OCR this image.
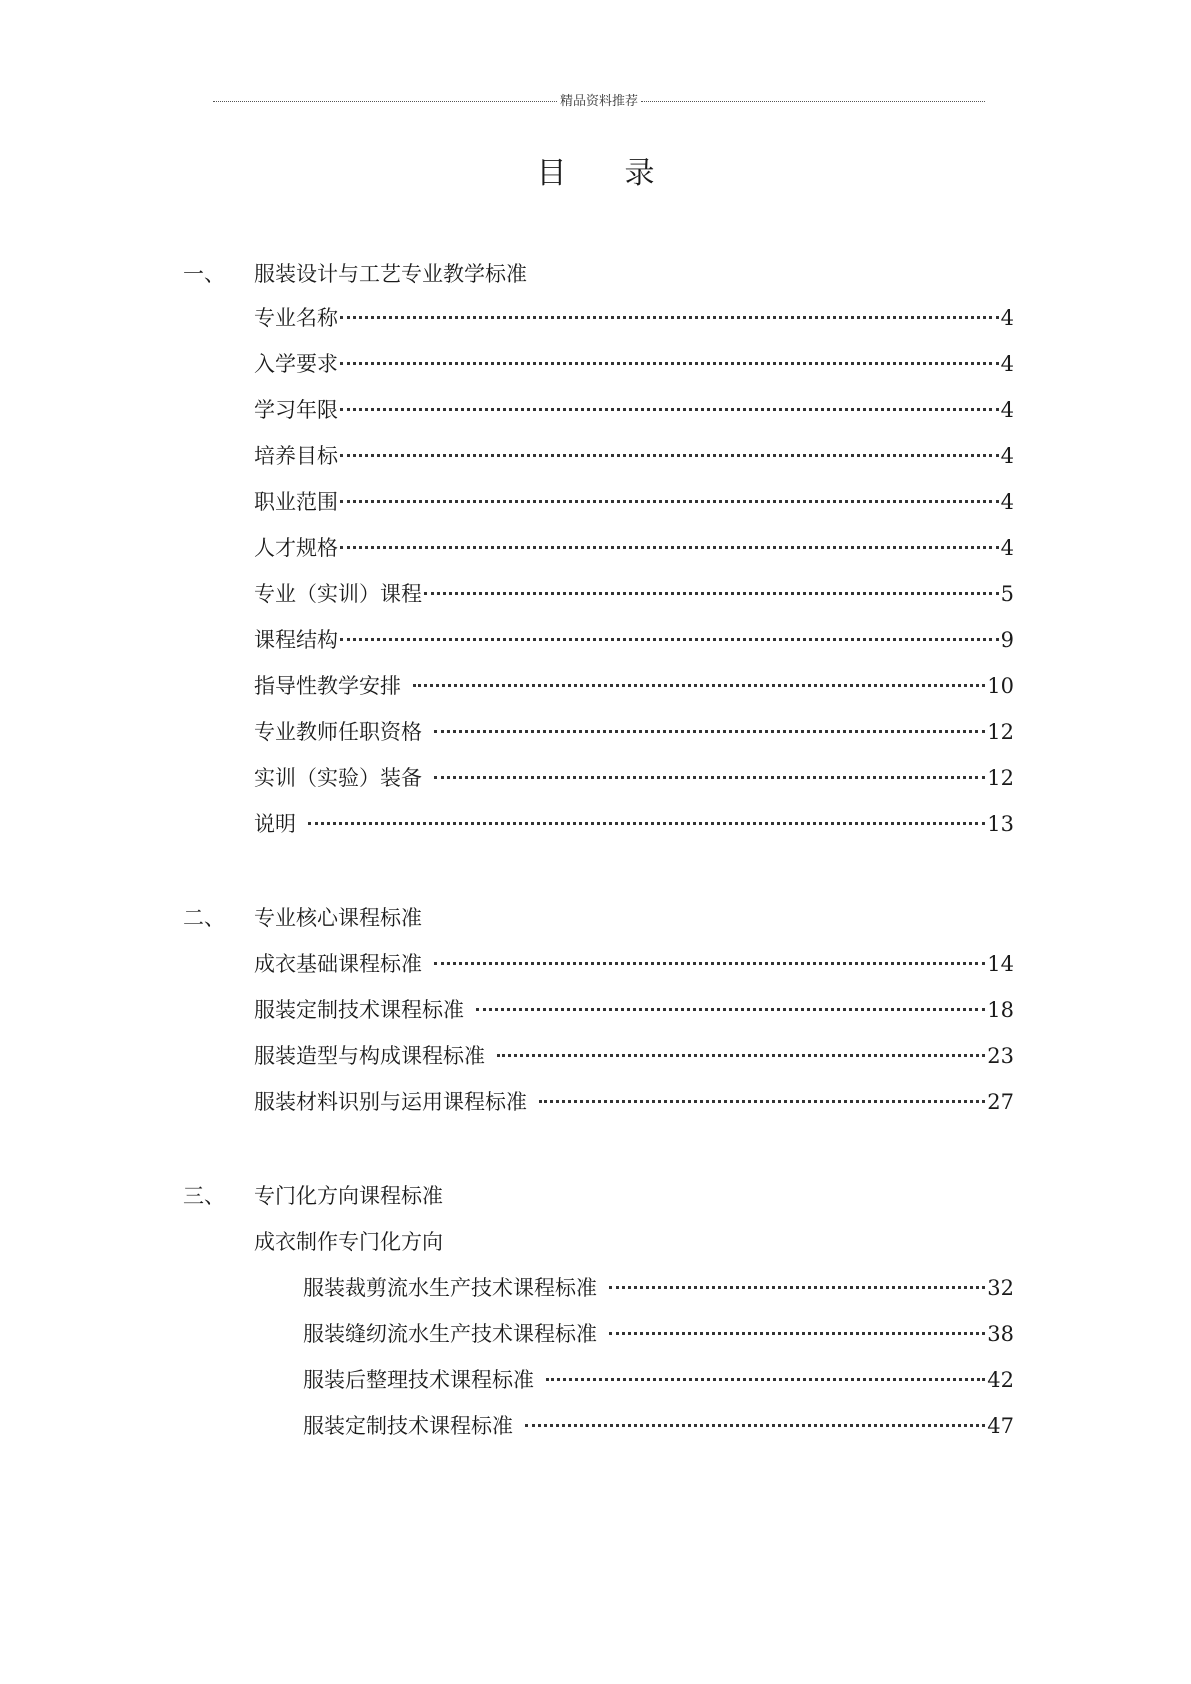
精品资料推荐
目 录
一、	服装设计与工艺专业教学标准
专业名称	4
入学要求	4
学习年限	4
培养目标	4
职业范围	4
人才规格	4
专业（实训）课程	5
课程结构	9
指导性教学安排	10
专业教师任职资格	12
实训（实验）装备	12
说明	13
二、	专业核心课程标准
成衣基础课程标准	14
服装定制技术课程标准	18
服装造型与构成课程标准	23
服装材料识别与运用课程标准	27
三、	专门化方向课程标准
成衣制作专门化方向
服装裁剪流水生产技术课程标准	32
服装缝纫流水生产技术课程标准	38
服装后整理技术课程标准	42
服装定制技术课程标准	47
